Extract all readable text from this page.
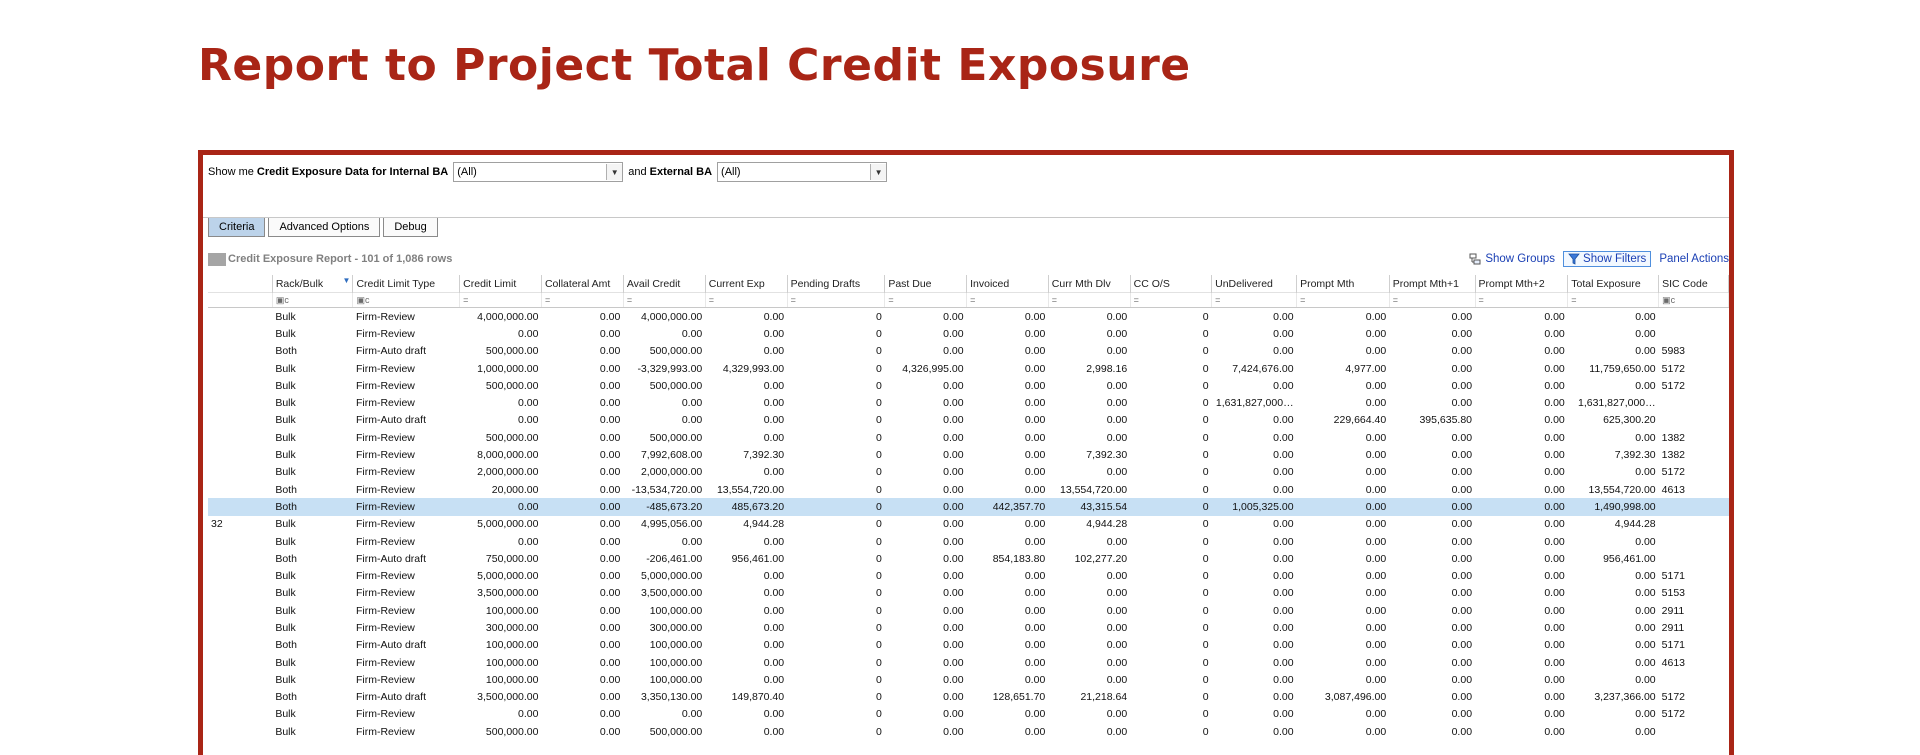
Report to Project Total Credit Exposure
Show me
Credit Exposure Data for Internal BA (All)	▼ and
External BA (All)	▼
Criteria	Advanced Options	Debug
Credit Exposure Report - 101 of 1,086 rows	Show Groups Show Filters Panel Actions
	Rack/Bulk ▼	Credit Limit Type	Credit Limit	Collateral Amt	Avail Credit	Current Exp	Pending Drafts	Past Due	Invoiced	Curr Mth Dlv	CC O/S	UnDelivered	Prompt Mth	Prompt Mth+1	Prompt Mth+2	Total Exposure	SIC Code
	▣c	▣c	=	=	=	=	=	=	=	=	=	=	=	=	=	=	▣c
	Bulk	Firm-Review	4,000,000.00	0.00	4,000,000.00	0.00	0	0.00	0.00	0.00	0	0.00	0.00	0.00	0.00	0.00	
	Bulk	Firm-Review	0.00	0.00	0.00	0.00	0	0.00	0.00	0.00	0	0.00	0.00	0.00	0.00	0.00	
	Both	Firm-Auto draft	500,000.00	0.00	500,000.00	0.00	0	0.00	0.00	0.00	0	0.00	0.00	0.00	0.00	0.00	5983
	Bulk	Firm-Review	1,000,000.00	0.00	-3,329,993.00	4,329,993.00	0	4,326,995.00	0.00	2,998.16	0	7,424,676.00	4,977.00	0.00	0.00	11,759,650.00	5172
	Bulk	Firm-Review	500,000.00	0.00	500,000.00	0.00	0	0.00	0.00	0.00	0	0.00	0.00	0.00	0.00	0.00	5172
	Bulk	Firm-Review	0.00	0.00	0.00	0.00	0	0.00	0.00	0.00	0	1,631,827,000…	0.00	0.00	0.00	1,631,827,000…	
	Bulk	Firm-Auto draft	0.00	0.00	0.00	0.00	0	0.00	0.00	0.00	0	0.00	229,664.40	395,635.80	0.00	625,300.20	
	Bulk	Firm-Review	500,000.00	0.00	500,000.00	0.00	0	0.00	0.00	0.00	0	0.00	0.00	0.00	0.00	0.00	1382
	Bulk	Firm-Review	8,000,000.00	0.00	7,992,608.00	7,392.30	0	0.00	0.00	7,392.30	0	0.00	0.00	0.00	0.00	7,392.30	1382
	Bulk	Firm-Review	2,000,000.00	0.00	2,000,000.00	0.00	0	0.00	0.00	0.00	0	0.00	0.00	0.00	0.00	0.00	5172
	Both	Firm-Review	20,000.00	0.00	-13,534,720.00	13,554,720.00	0	0.00	0.00	13,554,720.00	0	0.00	0.00	0.00	0.00	13,554,720.00	4613
	Both	Firm-Review	0.00	0.00	-485,673.20	485,673.20	0	0.00	442,357.70	43,315.54	0	1,005,325.00	0.00	0.00	0.00	1,490,998.00	
32	Bulk	Firm-Review	5,000,000.00	0.00	4,995,056.00	4,944.28	0	0.00	0.00	4,944.28	0	0.00	0.00	0.00	0.00	4,944.28	
	Bulk	Firm-Review	0.00	0.00	0.00	0.00	0	0.00	0.00	0.00	0	0.00	0.00	0.00	0.00	0.00	
	Both	Firm-Auto draft	750,000.00	0.00	-206,461.00	956,461.00	0	0.00	854,183.80	102,277.20	0	0.00	0.00	0.00	0.00	956,461.00	
	Bulk	Firm-Review	5,000,000.00	0.00	5,000,000.00	0.00	0	0.00	0.00	0.00	0	0.00	0.00	0.00	0.00	0.00	5171
	Bulk	Firm-Review	3,500,000.00	0.00	3,500,000.00	0.00	0	0.00	0.00	0.00	0	0.00	0.00	0.00	0.00	0.00	5153
	Bulk	Firm-Review	100,000.00	0.00	100,000.00	0.00	0	0.00	0.00	0.00	0	0.00	0.00	0.00	0.00	0.00	2911
	Bulk	Firm-Review	300,000.00	0.00	300,000.00	0.00	0	0.00	0.00	0.00	0	0.00	0.00	0.00	0.00	0.00	2911
	Both	Firm-Auto draft	100,000.00	0.00	100,000.00	0.00	0	0.00	0.00	0.00	0	0.00	0.00	0.00	0.00	0.00	5171
	Bulk	Firm-Review	100,000.00	0.00	100,000.00	0.00	0	0.00	0.00	0.00	0	0.00	0.00	0.00	0.00	0.00	4613
	Bulk	Firm-Review	100,000.00	0.00	100,000.00	0.00	0	0.00	0.00	0.00	0	0.00	0.00	0.00	0.00	0.00	
	Both	Firm-Auto draft	3,500,000.00	0.00	3,350,130.00	149,870.40	0	0.00	128,651.70	21,218.64	0	0.00	3,087,496.00	0.00	0.00	3,237,366.00	5172
	Bulk	Firm-Review	0.00	0.00	0.00	0.00	0	0.00	0.00	0.00	0	0.00	0.00	0.00	0.00	0.00	5172
	Bulk	Firm-Review	500,000.00	0.00	500,000.00	0.00	0	0.00	0.00	0.00	0	0.00	0.00	0.00	0.00	0.00	
